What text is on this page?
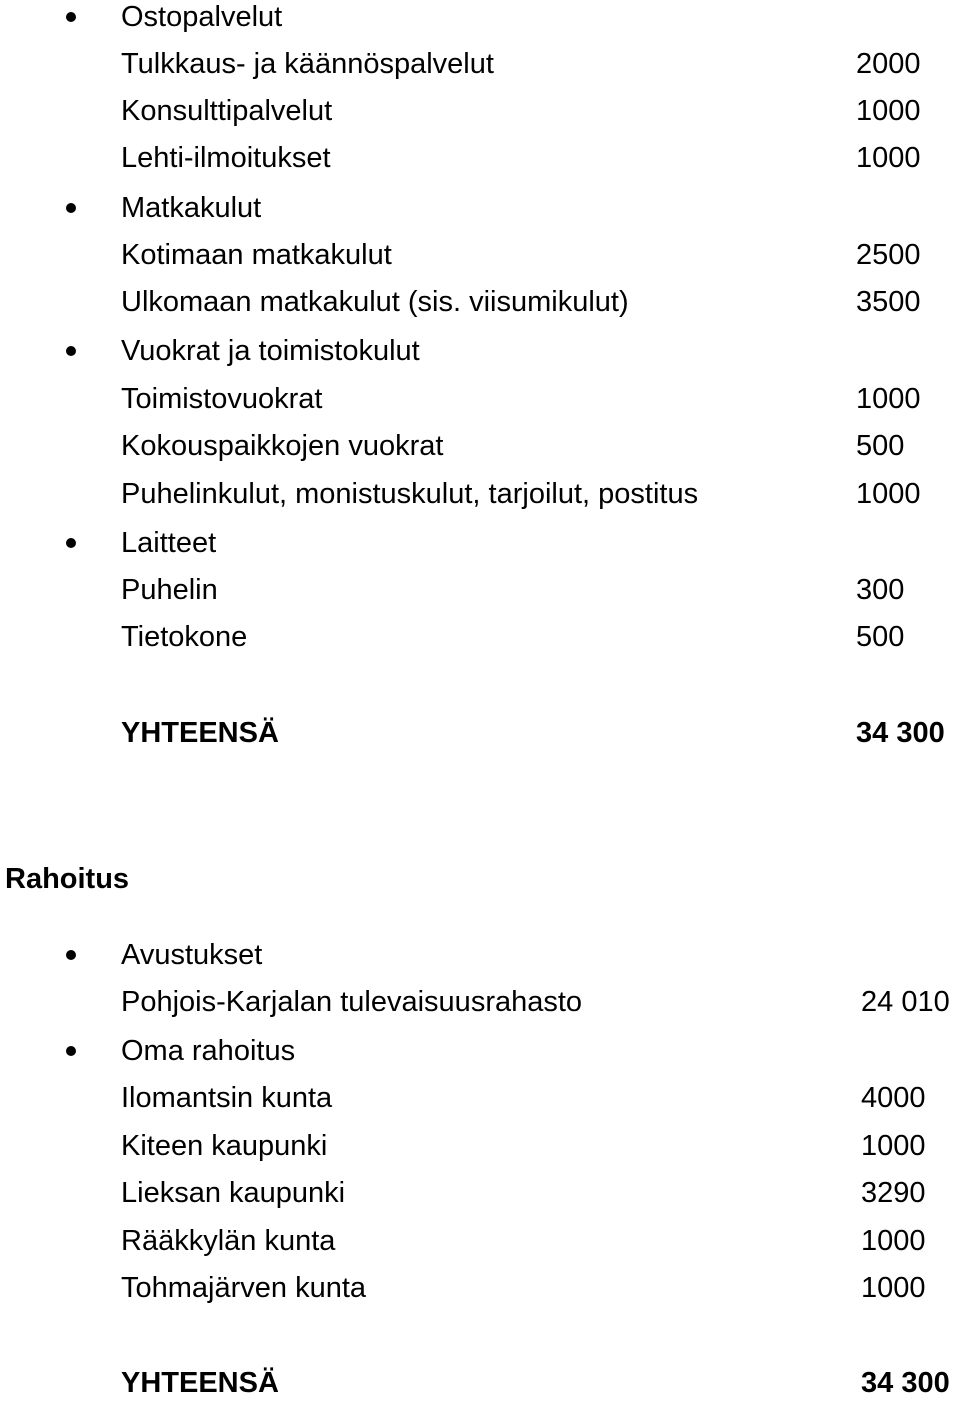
Ostopalvelut
Tulkkaus- ja käännöspalvelut	2000
Konsulttipalvelut	1000
Lehti-ilmoitukset	1000
Matkakulut
Kotimaan matkakulut	2500
Ulkomaan matkakulut (sis. viisumikulut)	3500
Vuokrat ja toimistokulut
Toimistovuokrat	1000
Kokouspaikkojen vuokrat	500
Puhelinkulut, monistuskulut, tarjoilut, postitus	1000
Laitteet
Puhelin	300
Tietokone	500
YHTEENSÄ	34 300
Rahoitus
Avustukset
Pohjois-Karjalan tulevaisuusrahasto	24 010
Oma rahoitus
Ilomantsin kunta	4000
Kiteen kaupunki	1000
Lieksan kaupunki	3290
Rääkkylän kunta	1000
Tohmajärven kunta	1000
YHTEENSÄ	34 300
